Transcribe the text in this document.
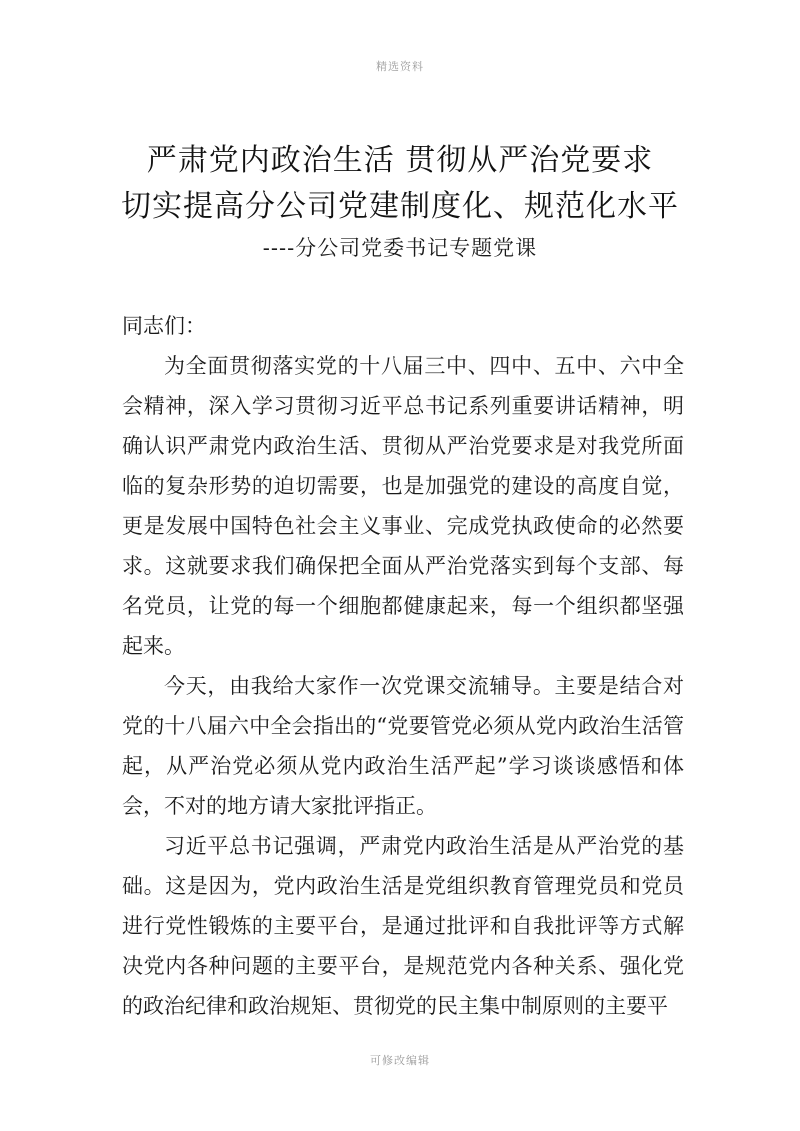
精选资料
严肃党内政治生活 贯彻从严治党要求
切实提高分公司党建制度化、规范化水平
----分公司党委书记专题党课

同志们：

为全面贯彻落实党的十八届三中、四中、五中、六中全会精神，深入学习贯彻习近平总书记系列重要讲话精神，明确认识严肃党内政治生活、贯彻从严治党要求是对我党所面临的复杂形势的迫切需要，也是加强党的建设的高度自觉，更是发展中国特色社会主义事业、完成党执政使命的必然要求。这就要求我们确保把全面从严治党落实到每个支部、每名党员，让党的每一个细胞都健康起来，每一个组织都坚强起来。

今天，由我给大家作一次党课交流辅导。主要是结合对党的十八届六中全会指出的“党要管党必须从党内政治生活管起，从严治党必须从党内政治生活严起”学习谈谈感悟和体会，不对的地方请大家批评指正。

习近平总书记强调，严肃党内政治生活是从严治党的基础。这是因为，党内政治生活是党组织教育管理党员和党员进行党性锻炼的主要平台，是通过批评和自我批评等方式解决党内各种问题的主要平台，是规范党内各种关系、强化党的政治纪律和政治规矩、贯彻党的民主集中制原则的主要平

可修改编辑
